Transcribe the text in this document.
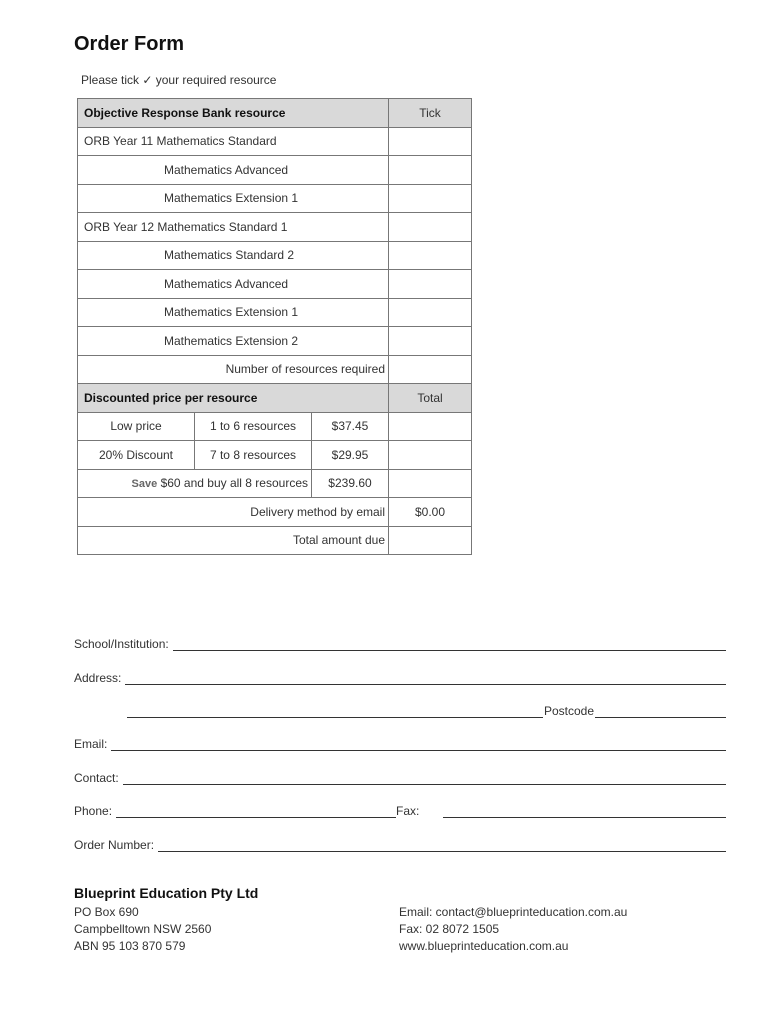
Order Form
Please tick ✓ your required resource
Objective Response Bank resource			Tick
ORB Year 11 Mathematics Standard			
Mathematics Advanced			
Mathematics Extension 1			
ORB Year 12 Mathematics Standard 1			
Mathematics Standard 2			
Mathematics Advanced			
Mathematics Extension 1			
Mathematics Extension 2			
Number of resources required			
Discounted price per resource			Total
Low price	1 to 6 resources	$37.45	
20% Discount	7 to 8 resources	$29.95	
Save $60 and buy all 8 resources		$239.60	
Delivery method by email			$0.00
Total amount due			
School/Institution:
Address:
Postcode
Email:
Contact:
Phone:	Fax:
Order Number:
Blueprint Education Pty Ltd
PO Box 690
Campbelltown NSW 2560
ABN 95 103 870 579
Email: contact@blueprinteducation.com.au
Fax: 02 8072 1505
www.blueprinteducation.com.au
